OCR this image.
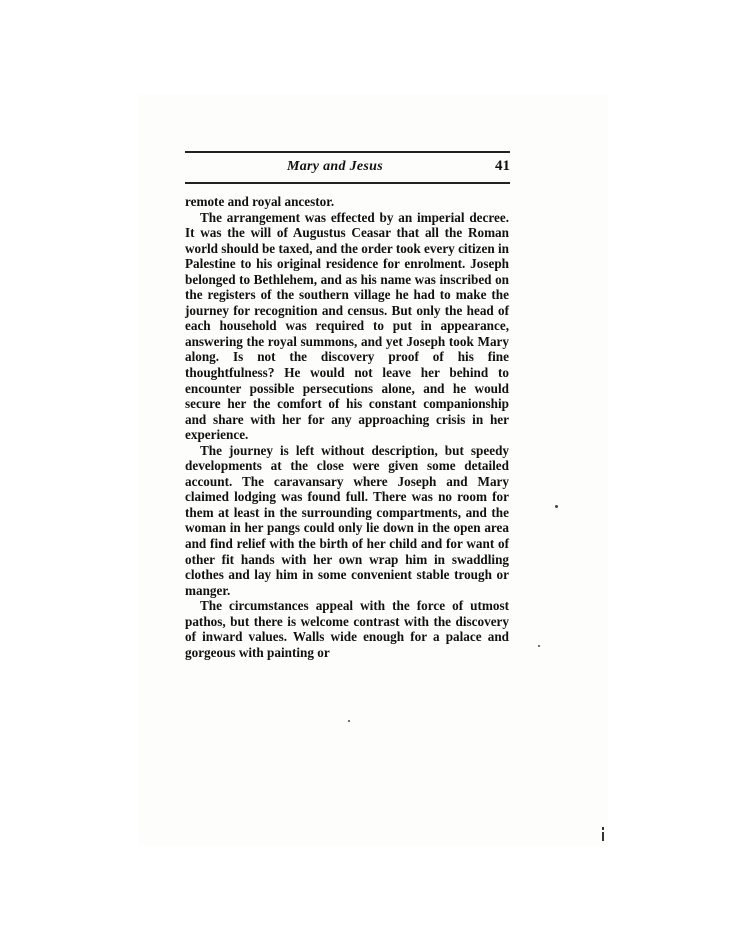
Mary and Jesus	41

remote and royal ancestor.

The arrangement was effected by an imperial decree. It was the will of Augustus Ceasar that all the Roman world should be taxed, and the order took every citizen in Palestine to his original residence for enrolment. Joseph belonged to Bethlehem, and as his name was inscribed on the registers of the southern village he had to make the journey for recognition and census. But only the head of each household was required to put in appearance, answering the royal summons, and yet Joseph took Mary along. Is not the discovery proof of his fine thoughtfulness? He would not leave her behind to encounter possible persecutions alone, and he would secure her the comfort of his constant companionship and share with her for any approaching crisis in her experience.

The journey is left without description, but speedy developments at the close were given some detailed account. The caravansary where Joseph and Mary claimed lodging was found full. There was no room for them at least in the surrounding compartments, and the woman in her pangs could only lie down in the open area and find relief with the birth of her child and for want of other fit hands with her own wrap him in swaddling clothes and lay him in some convenient stable trough or manger.

The circumstances appeal with the force of utmost pathos, but there is welcome contrast with the discovery of inward values. Walls wide enough for a palace and gorgeous with painting or
